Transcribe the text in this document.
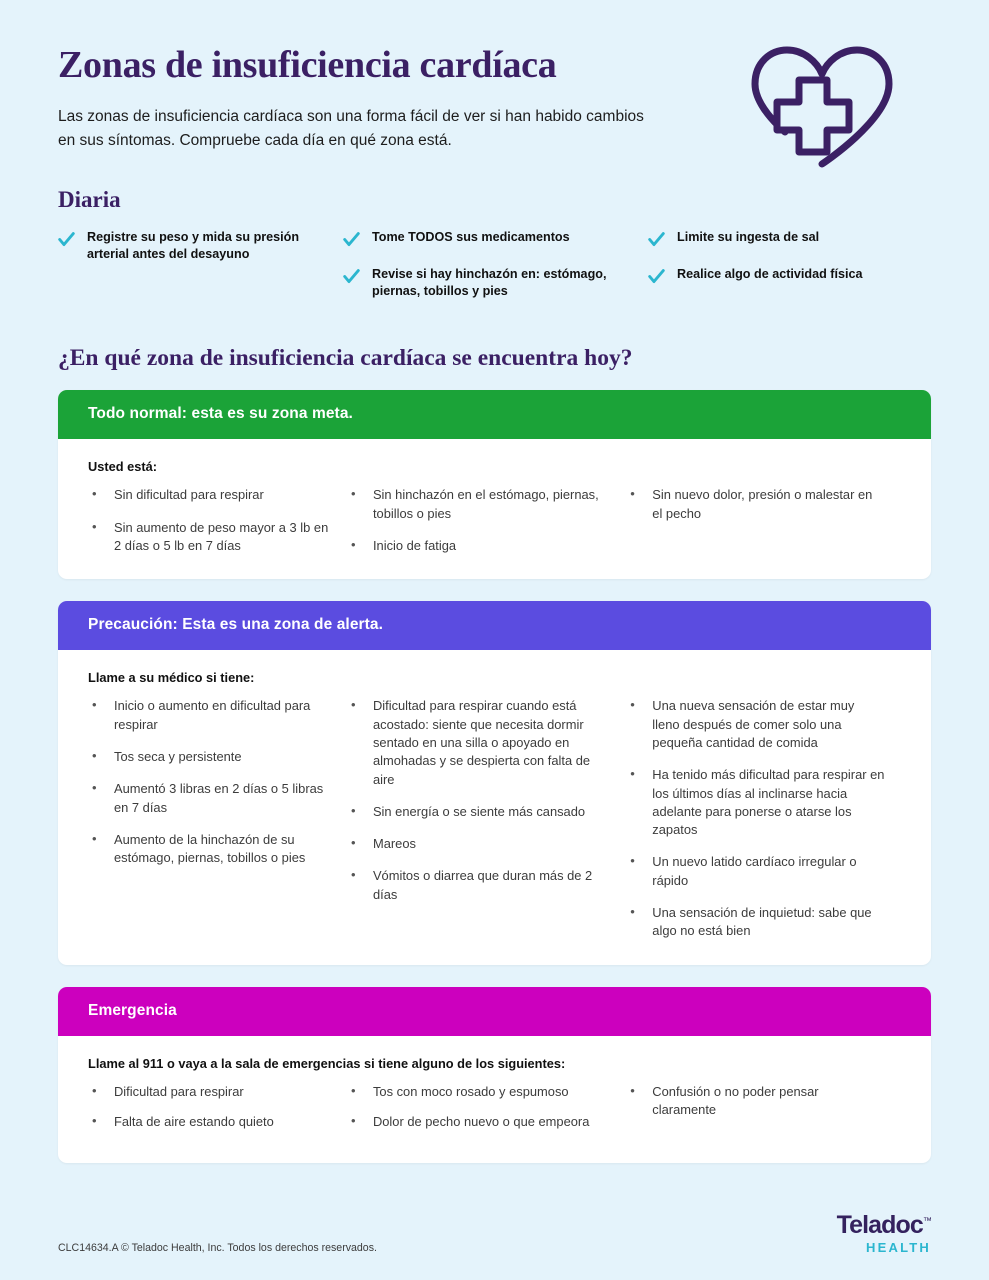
Zonas de insuficiencia cardíaca

Las zonas de insuficiencia cardíaca son una forma fácil de ver si han habido cambios en sus síntomas. Compruebe cada día en qué zona está.

Diaria
Registre su peso y mida su presión arterial antes del desayuno
Tome TODOS sus medicamentos
Revise si hay hinchazón en: estómago, piernas, tobillos y pies
Limite su ingesta de sal
Realice algo de actividad física
¿En qué zona de insuficiencia cardíaca se encuentra hoy?
Todo normal: esta es su zona meta.

Usted está:

• Sin dificultad para respirar
• Sin aumento de peso mayor a 3 lb en 2 días o 5 lb en 7 días
• Sin hinchazón en el estómago, piernas, tobillos o pies
• Inicio de fatiga
• Sin nuevo dolor, presión o malestar en el pecho
Precaución: Esta es una zona de alerta.

Llame a su médico si tiene:

• Inicio o aumento en dificultad para respirar
• Tos seca y persistente
• Aumentó 3 libras en 2 días o 5 libras en 7 días
• Aumento de la hinchazón de su estómago, piernas, tobillos o pies
• Dificultad para respirar cuando está acostado: siente que necesita dormir sentado en una silla o apoyado en almohadas y se despierta con falta de aire
• Sin energía o se siente más cansado
• Mareos
• Vómitos o diarrea que duran más de 2 días
• Una nueva sensación de estar muy lleno después de comer solo una pequeña cantidad de comida
• Ha tenido más dificultad para respirar en los últimos días al inclinarse hacia adelante para ponerse o atarse los zapatos
• Un nuevo latido cardíaco irregular o rápido
• Una sensación de inquietud: sabe que algo no está bien
Emergencia

Llame al 911 o vaya a la sala de emergencias si tiene alguno de los siguientes:

• Dificultad para respirar
• Falta de aire estando quieto
• Tos con moco rosado y espumoso
• Dolor de pecho nuevo o que empeora
• Confusión o no poder pensar claramente
CLC14634.A © Teladoc Health, Inc. Todos los derechos reservados.
Teladoc™
HEALTH
